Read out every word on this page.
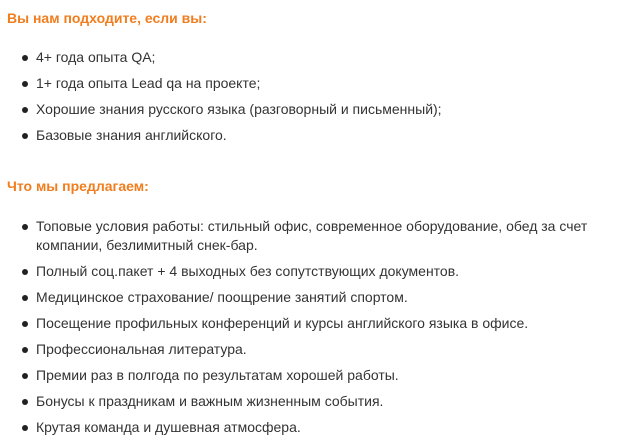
Вы нам подходите, если вы:
4+ года опыта QA;
1+ года опыта Lead qa на проекте;
Хорошие знания русского языка (разговорный и письменный);
Базовые знания английского.
Что мы предлагаем:
Топовые условия работы: стильный офис, современное оборудование, обед за счет компании, безлимитный снек-бар.
Полный соц.пакет + 4 выходных без сопутствующих документов.
Медицинское страхование/ поощрение занятий спортом.
Посещение профильных конференций и курсы английского языка в офисе.
Профессиональная литература.
Премии раз в полгода по результатам хорошей работы.
Бонусы к праздникам и важным жизненным события.
Крутая команда и душевная атмосфера.
